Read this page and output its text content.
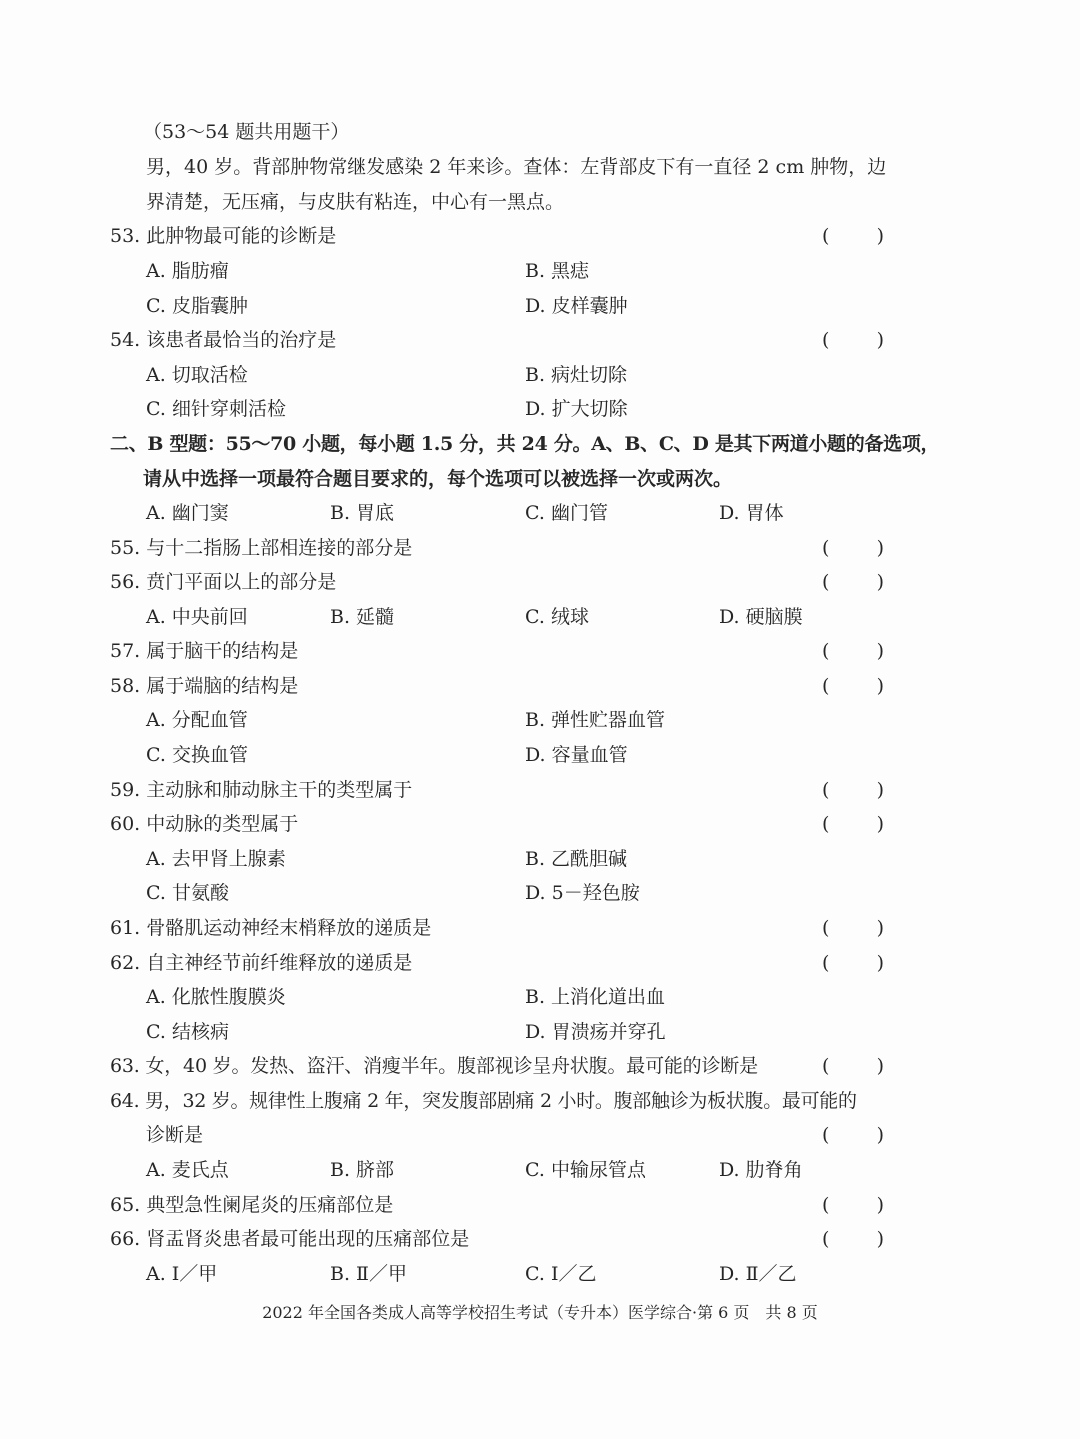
（53～54 题共用题干）
男，40 岁。背部肿物常继发感染 2 年来诊。查体：左背部皮下有一直径 2 cm 肿物，边
界清楚，无压痛，与皮肤有粘连，中心有一黑点。
53. 此肿物最可能的诊断是	( )
A. 脂肪瘤	B. 黑痣
C. 皮脂囊肿	D. 皮样囊肿
54. 该患者最恰当的治疗是	( )
A. 切取活检	B. 病灶切除
C. 细针穿刺活检	D. 扩大切除
二、B 型题：55～70 小题，每小题 1.5 分，共 24 分。A、B、C、D 是其下两道小题的备选项，
请从中选择一项最符合题目要求的，每个选项可以被选择一次或两次。
A. 幽门窦	B. 胃底	C. 幽门管	D. 胃体
55. 与十二指肠上部相连接的部分是	( )
56. 贲门平面以上的部分是	( )
A. 中央前回	B. 延髓	C. 绒球	D. 硬脑膜
57. 属于脑干的结构是	( )
58. 属于端脑的结构是	( )
A. 分配血管	B. 弹性贮器血管
C. 交换血管	D. 容量血管
59. 主动脉和肺动脉主干的类型属于	( )
60. 中动脉的类型属于	( )
A. 去甲肾上腺素	B. 乙酰胆碱
C. 甘氨酸	D. 5－羟色胺
61. 骨骼肌运动神经末梢释放的递质是	( )
62. 自主神经节前纤维释放的递质是	( )
A. 化脓性腹膜炎	B. 上消化道出血
C. 结核病	D. 胃溃疡并穿孔
63. 女，40 岁。发热、盗汗、消瘦半年。腹部视诊呈舟状腹。最可能的诊断是	( )
64. 男，32 岁。规律性上腹痛 2 年，突发腹部剧痛 2 小时。腹部触诊为板状腹。最可能的
诊断是	( )
A. 麦氏点	B. 脐部	C. 中输尿管点	D. 肋脊角
65. 典型急性阑尾炎的压痛部位是	( )
66. 肾盂肾炎患者最可能出现的压痛部位是	( )
A. Ⅰ／甲	B. Ⅱ／甲	C. Ⅰ／乙	D. Ⅱ／乙
2022 年全国各类成人高等学校招生考试（专升本）医学综合·第 6 页　共 8 页
